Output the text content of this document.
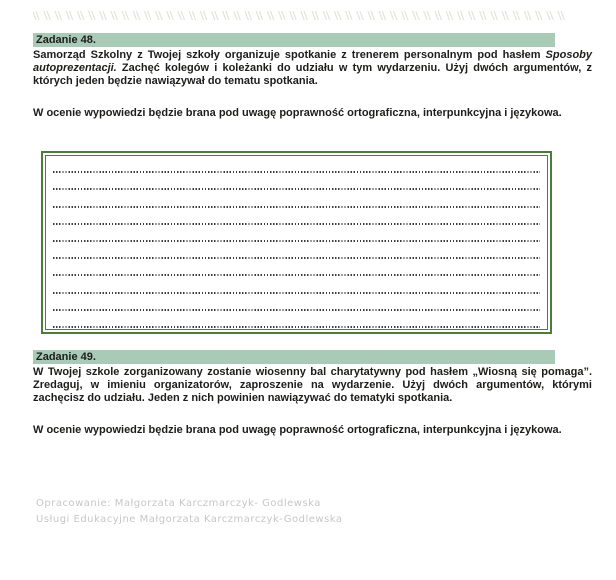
Zadanie 48.
Samorząd Szkolny z Twojej szkoły organizuje spotkanie z trenerem personalnym pod hasłem Sposoby autoprezentacji. Zachęć kolegów i koleżanki do udziału w tym wydarzeniu. Użyj dwóch argumentów, z których jeden będzie nawiązywał do tematu spotkania.
W ocenie wypowiedzi będzie brana pod uwagę poprawność ortograficzna, interpunkcyjna i językowa.
Zadanie 49.
W Twojej szkole zorganizowany zostanie wiosenny bal charytatywny pod hasłem „Wiosną się pomaga”. Zredaguj, w imieniu organizatorów, zaproszenie na wydarzenie. Użyj dwóch argumentów, którymi zachęcisz do udziału. Jeden z nich powinien nawiązywać do tematyki spotkania.
W ocenie wypowiedzi będzie brana pod uwagę poprawność ortograficzna, interpunkcyjna i językowa.
Opracowanie: Małgorzata Karczmarczyk- Godlewska
Usługi Edukacyjne Małgorzata Karczmarczyk-Godlewska
